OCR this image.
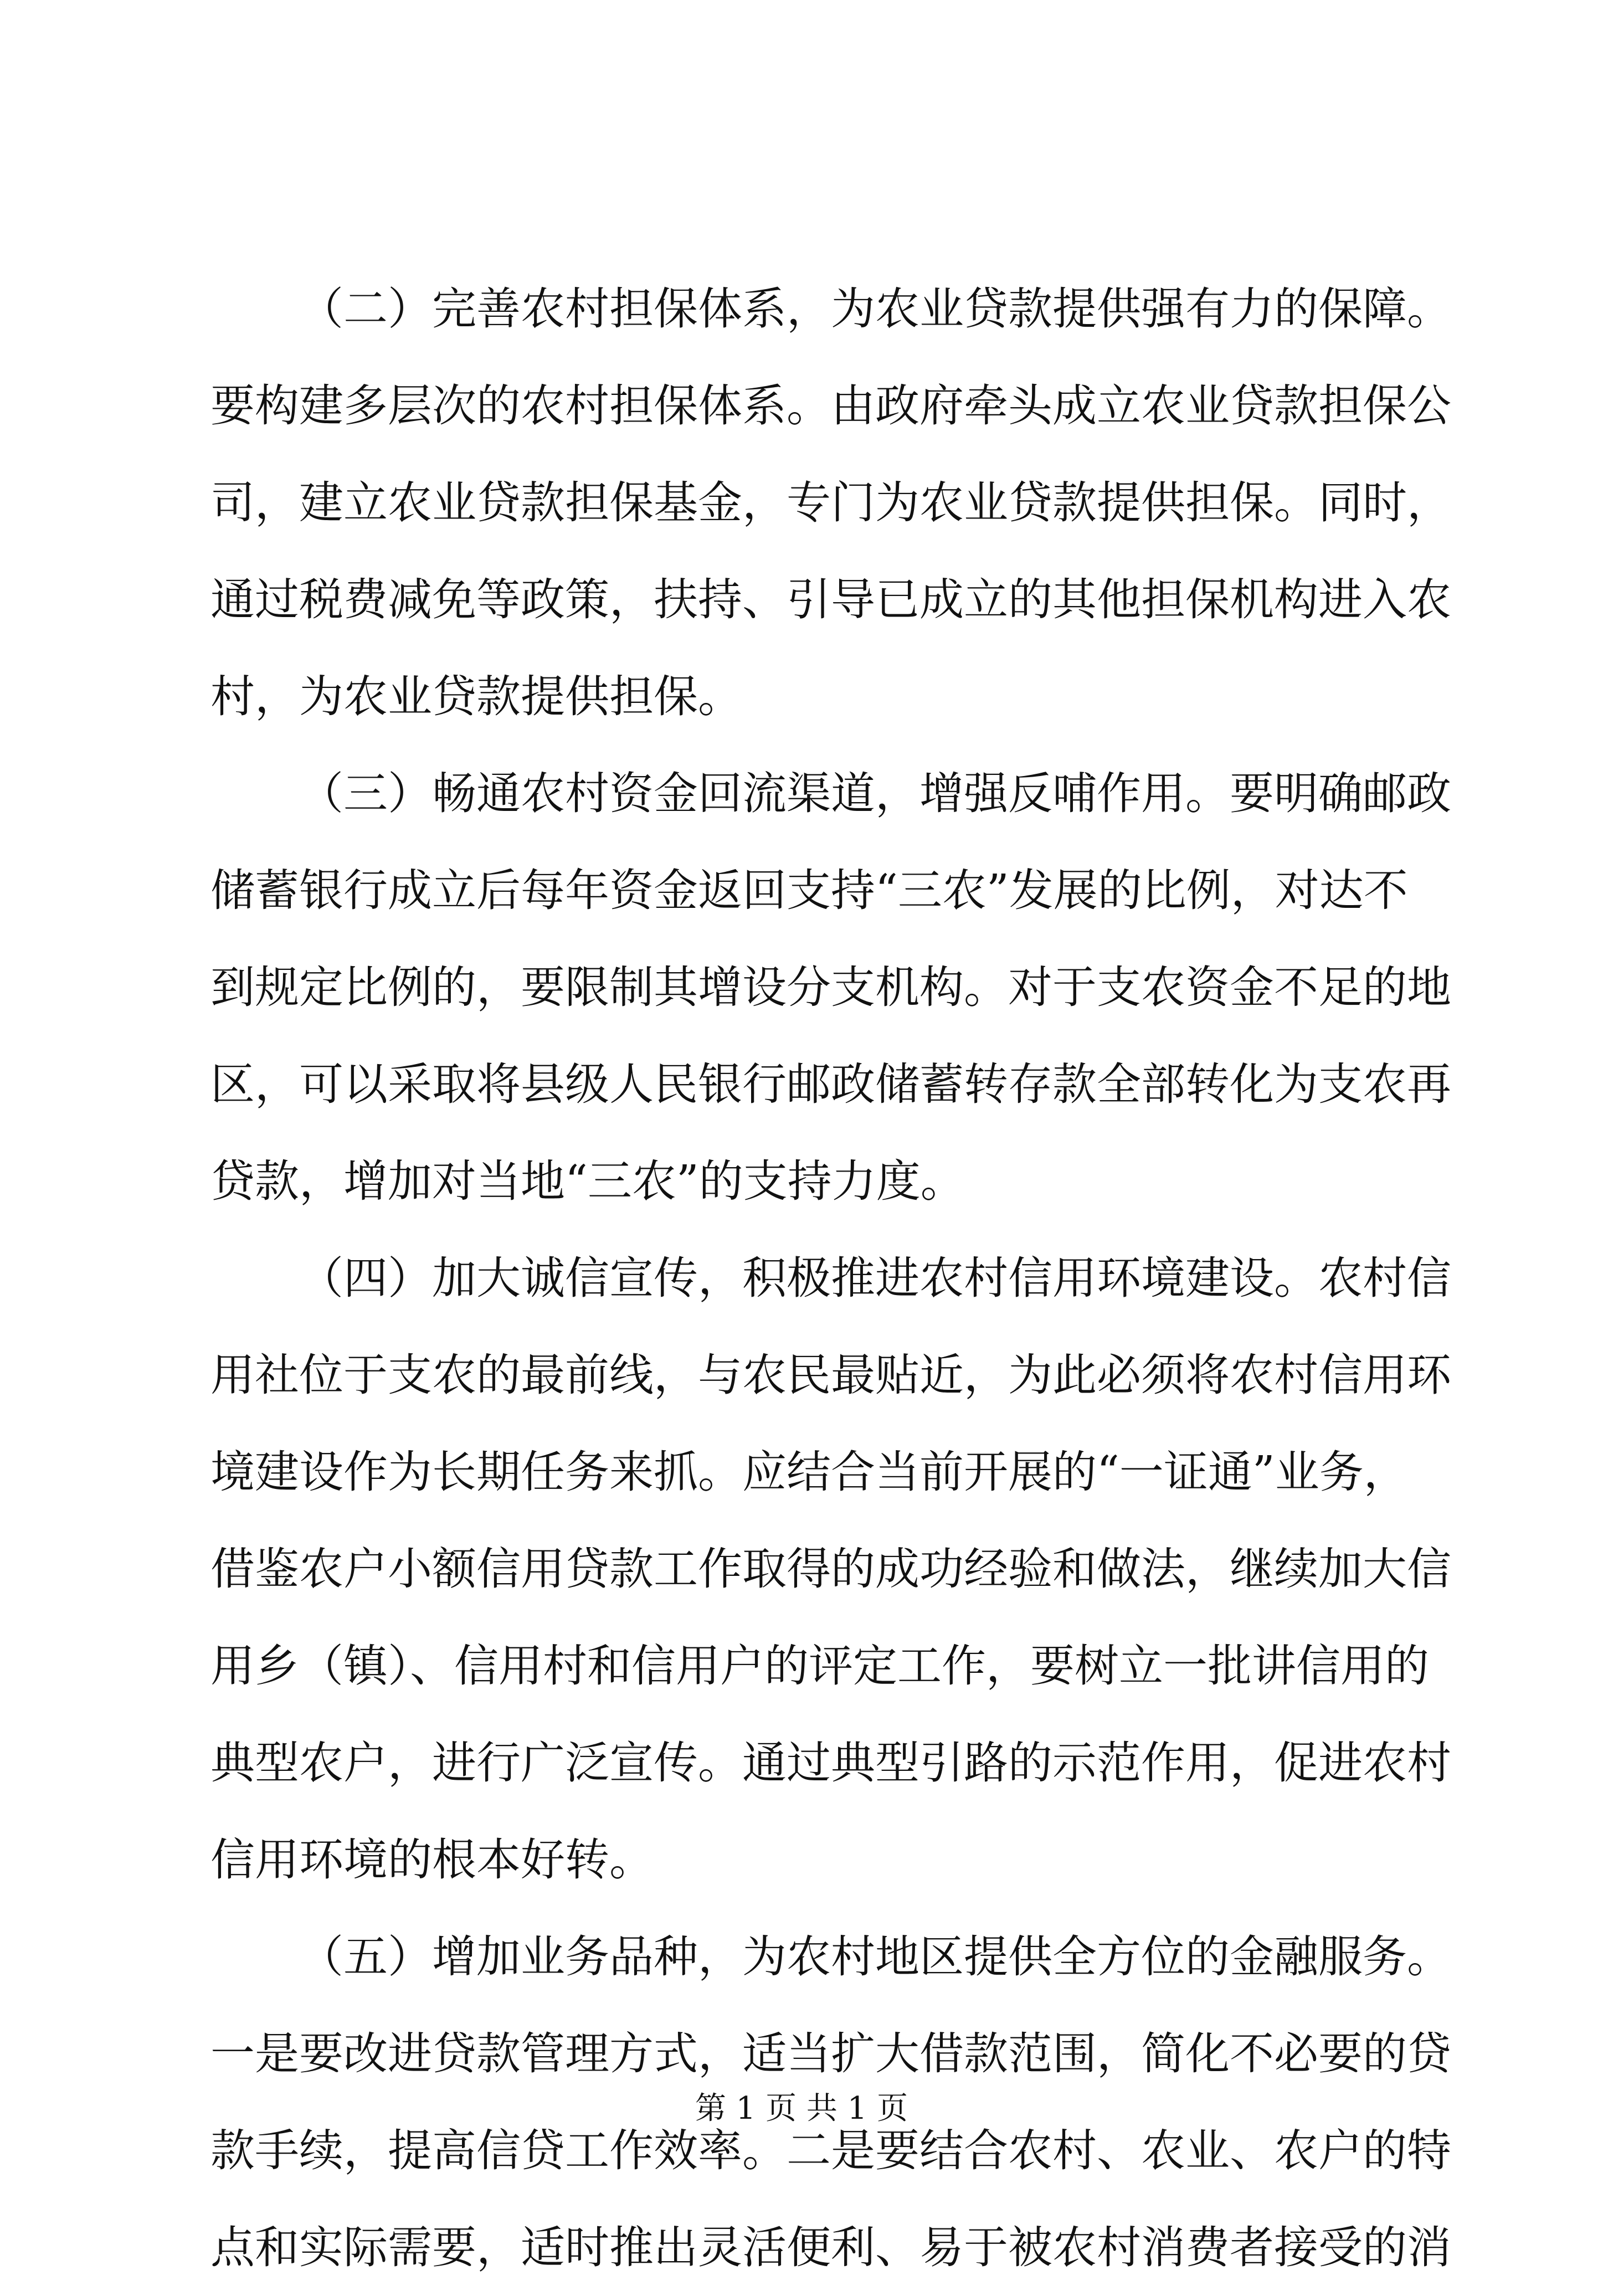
（二）完善农村担保体系，为农业贷款提供强有力的保障。
要构建多层次的农村担保体系。由政府牵头成立农业贷款担保公
司，建立农业贷款担保基金，专门为农业贷款提供担保。同时，
通过税费减免等政策，扶持、引导已成立的其他担保机构进入农
村，为农业贷款提供担保。
（三）畅通农村资金回流渠道，增强反哺作用。要明确邮政
储蓄银行成立后每年资金返回支持“三农”发展的比例，对达不
到规定比例的，要限制其增设分支机构。对于支农资金不足的地
区，可以采取将县级人民银行邮政储蓄转存款全部转化为支农再
贷款，增加对当地“三农”的支持力度。
（四）加大诚信宣传，积极推进农村信用环境建设。农村信
用社位于支农的最前线，与农民最贴近，为此必须将农村信用环
境建设作为长期任务来抓。应结合当前开展的“一证通”业务，
借鉴农户小额信用贷款工作取得的成功经验和做法，继续加大信
用乡（镇）、信用村和信用户的评定工作，要树立一批讲信用的
典型农户，进行广泛宣传。通过典型引路的示范作用，促进农村
信用环境的根本好转。
（五）增加业务品种，为农村地区提供全方位的金融服务。
一是要改进贷款管理方式，适当扩大借款范围，简化不必要的贷
款手续，提高信贷工作效率。二是要结合农村、农业、农户的特
点和实际需要，适时推出灵活便利、易于被农村消费者接受的消
第 1 页 共 1 页
